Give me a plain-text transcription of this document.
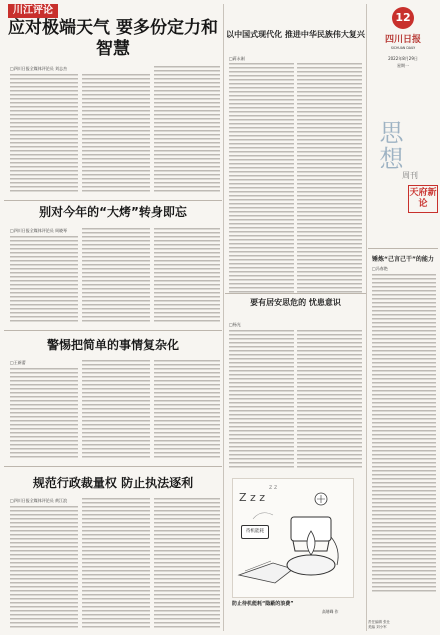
川江评论
应对极端天气 要多份定力和智慧
□四川日报全媒体评论员 刘志杰
别对今年的“大烤”转身即忘
□四川日报全媒体评论员 周晓琴
警惕把简单的事情复杂化
□王新蕾
规范行政裁量权 防止执法逐利
□四川日报全媒体评论员 黄江浪
以中国式现代化 推进中华民族伟大复兴
□蒋永刚
要有居安思危的 忧患意识
□杨光
Z z z
z z
待机能耗
防止待机能耗“隐蔽的浪费”
高绪峰 作
12
四川日报
SICHUAN DAILY
2022年8月29日
星期一
思想
周刊
天府新论
锤炼“己言己干”的能力
□冯春艳
责任编辑 张仕
美编 刘小军
